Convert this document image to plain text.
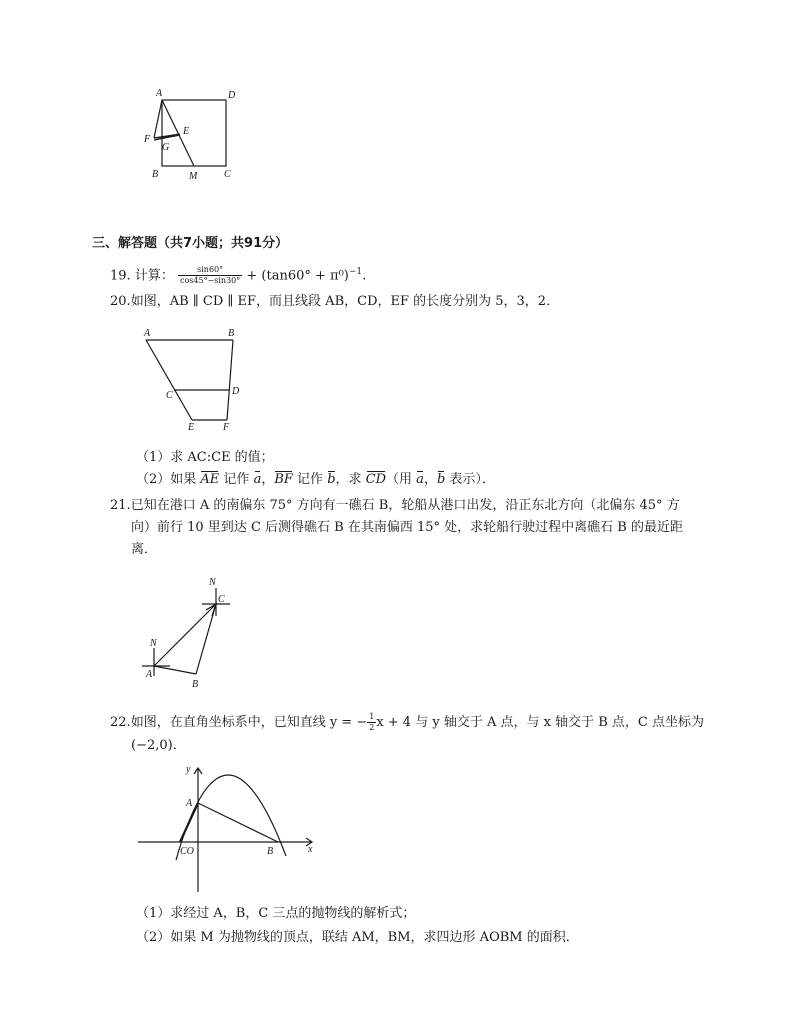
A	D
F
E
G
B	M	C
三、解答题（共7小题；共91分）
19. 计算： $\frac{\sin 60^\circ}{\cos 45^\circ-\sin 30^\circ} + (\tan 60^\circ + \pi^0)^{-1}$.
20.如图，AB ∥ CD ∥ EF，而且线段 AB，CD，EF 的长度分别为 5，3，2．
A	B
C	D
E	F
（1）求 AC:CE 的值；
（2）如果 AE 记作 a，BF 记作 b，求 CD（用 a，b 表示）．
21.已知在港口 A 的南偏东 75° 方向有一礁石 B，轮船从港口出发，沿正东北方向（北偏东 45° 方
向）前行 10 里到达 C 后测得礁石 B 在其南偏西 15° 处，求轮船行驶过程中离礁石 B 的最近距
离．
N
C
N
A
B
22.如图，在直角坐标系中，已知直线 y = − $\frac{1}{2}$ x + 4 与 y 轴交于 A 点，与 x 轴交于 B 点，C 点坐标为
(−2,0)．
y
A
CO	B	x
（1）求经过 A，B，C 三点的抛物线的解析式；
（2）如果 M 为抛物线的顶点，联结 AM，BM，求四边形 AOBM 的面积．
